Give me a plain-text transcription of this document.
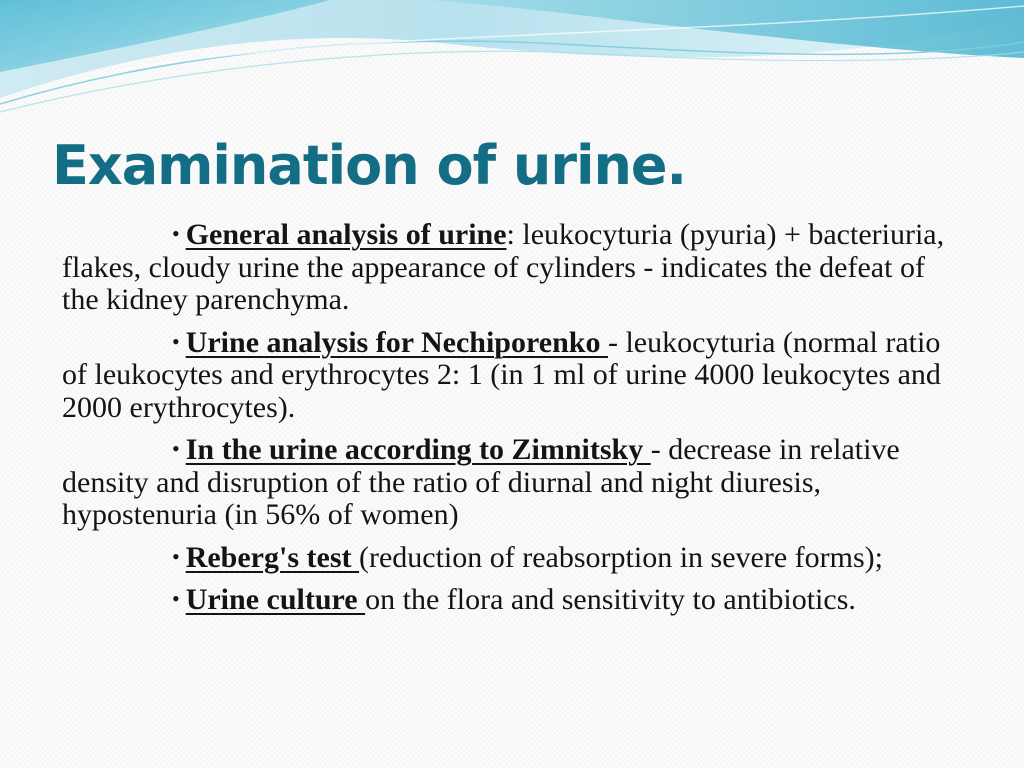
Examination of urine.
• General analysis of urine: leukocyturia (pyuria) + bacteriuria, flakes, cloudy urine the appearance of cylinders - indicates the defeat of the kidney parenchyma.
• Urine analysis for Nechiporenko - leukocyturia (normal ratio of leukocytes and erythrocytes 2: 1 (in 1 ml of urine 4000 leukocytes and 2000 erythrocytes).
• In the urine according to Zimnitsky - decrease in relative density and disruption of the ratio of diurnal and night diuresis, hypostenuria (in 56% of women)
• Reberg's test (reduction of reabsorption in severe forms);
• Urine culture on the flora and sensitivity to antibiotics.
